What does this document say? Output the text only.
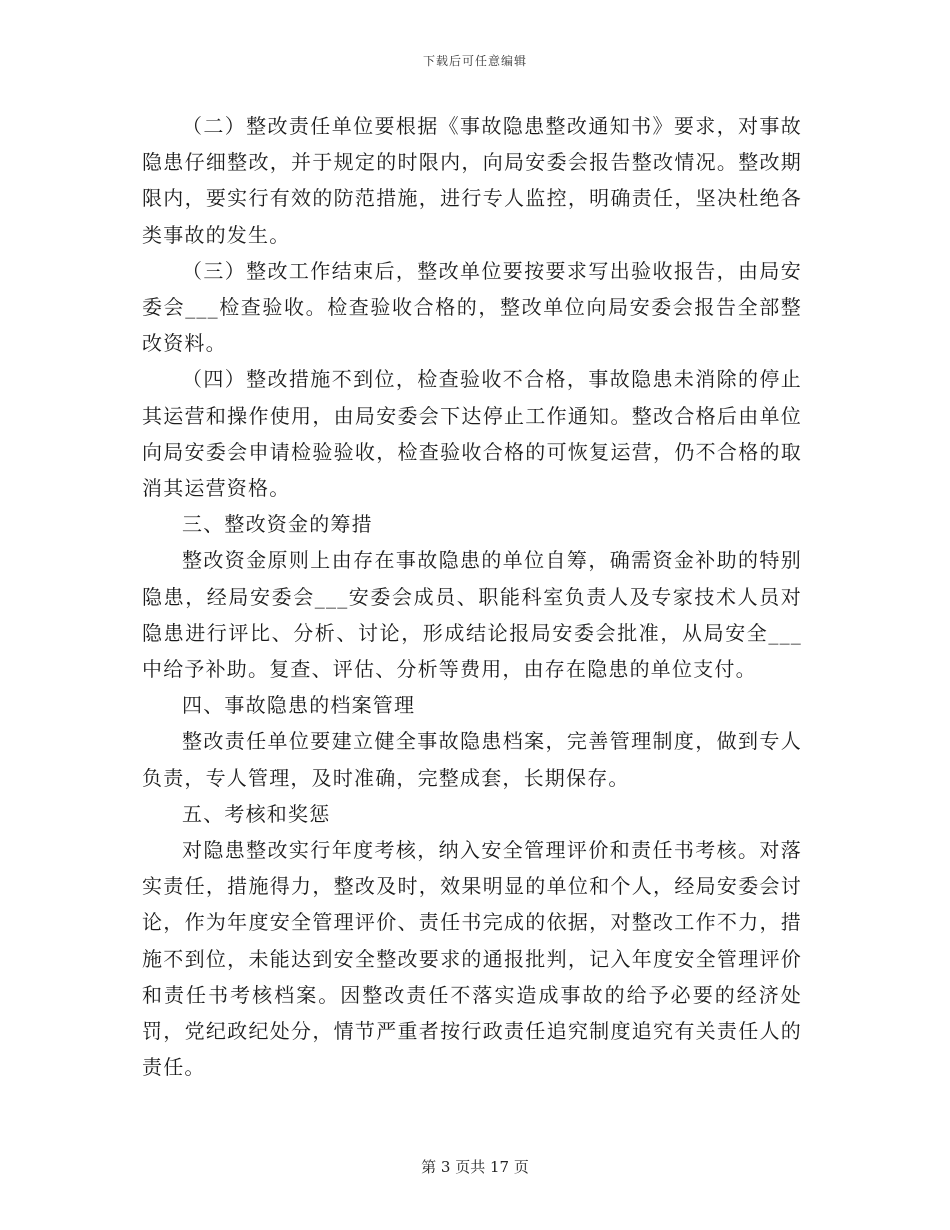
下载后可任意编辑

（二）整改责任单位要根据《事故隐患整改通知书》要求，对事故隐患仔细整改，并于规定的时限内，向局安委会报告整改情况。整改期限内，要实行有效的防范措施，进行专人监控，明确责任，坚决杜绝各类事故的发生。

（三）整改工作结束后，整改单位要按要求写出验收报告，由局安委会___检查验收。检查验收合格的，整改单位向局安委会报告全部整改资料。

（四）整改措施不到位，检查验收不合格，事故隐患未消除的停止其运营和操作使用，由局安委会下达停止工作通知。整改合格后由单位向局安委会申请检验验收，检查验收合格的可恢复运营，仍不合格的取消其运营资格。

三、整改资金的筹措

整改资金原则上由存在事故隐患的单位自筹，确需资金补助的特别隐患，经局安委会___安委会成员、职能科室负责人及专家技术人员对隐患进行评比、分析、讨论，形成结论报局安委会批准，从局安全___中给予补助。复查、评估、分析等费用，由存在隐患的单位支付。

四、事故隐患的档案管理

整改责任单位要建立健全事故隐患档案，完善管理制度，做到专人负责，专人管理，及时准确，完整成套，长期保存。

五、考核和奖惩

对隐患整改实行年度考核，纳入安全管理评价和责任书考核。对落实责任，措施得力，整改及时，效果明显的单位和个人，经局安委会讨论，作为年度安全管理评价、责任书完成的依据，对整改工作不力，措施不到位，未能达到安全整改要求的通报批判，记入年度安全管理评价和责任书考核档案。因整改责任不落实造成事故的给予必要的经济处罚，党纪政纪处分，情节严重者按行政责任追究制度追究有关责任人的责任。

第 3 页共 17 页
